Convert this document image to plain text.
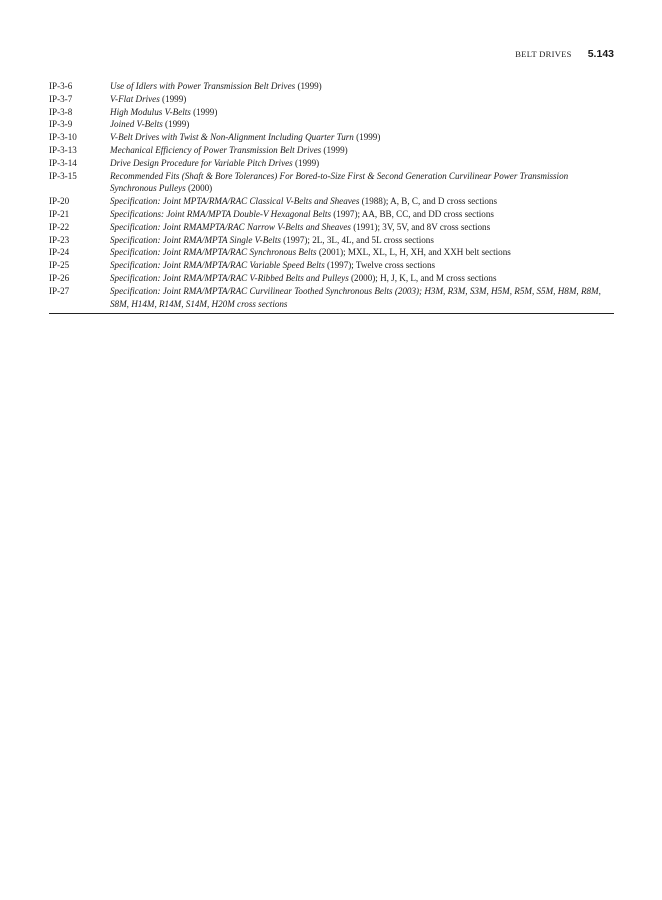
BELT DRIVES 5.143
IP-3-6	Use of Idlers with Power Transmission Belt Drives (1999)
IP-3-7	V-Flat Drives (1999)
IP-3-8	High Modulus V-Belts (1999)
IP-3-9	Joined V-Belts (1999)
IP-3-10	V-Belt Drives with Twist & Non-Alignment Including Quarter Turn (1999)
IP-3-13	Mechanical Efficiency of Power Transmission Belt Drives (1999)
IP-3-14	Drive Design Procedure for Variable Pitch Drives (1999)
IP-3-15	Recommended Fits (Shaft & Bore Tolerances) For Bored-to-Size First & Second Generation Curvilinear Power Transmission Synchronous Pulleys (2000)
IP-20	Specification: Joint MPTA/RMA/RAC Classical V-Belts and Sheaves (1988); A, B, C, and D cross sections
IP-21	Specifications: Joint RMA/MPTA Double-V Hexagonal Belts (1997); AA, BB, CC, and DD cross sections
IP-22	Specification: Joint RMAMPTA/RAC Narrow V-Belts and Sheaves (1991); 3V, 5V, and 8V cross sections
IP-23	Specification: Joint RMA/MPTA Single V-Belts (1997); 2L, 3L, 4L, and 5L cross sections
IP-24	Specification: Joint RMA/MPTA/RAC Synchronous Belts (2001); MXL, XL, L, H, XH, and XXH belt sections
IP-25	Specification: Joint RMA/MPTA/RAC Variable Speed Belts (1997); Twelve cross sections
IP-26	Specification: Joint RMA/MPTA/RAC V-Ribbed Belts and Pulleys (2000); H, J, K, L, and M cross sections
IP-27	Specification: Joint RMA/MPTA/RAC Curvilinear Toothed Synchronous Belts (2003); H3M, R3M, S3M, H5M, R5M, S5M, H8M, R8M, S8M, H14M, R14M, S14M, H20M cross sections
